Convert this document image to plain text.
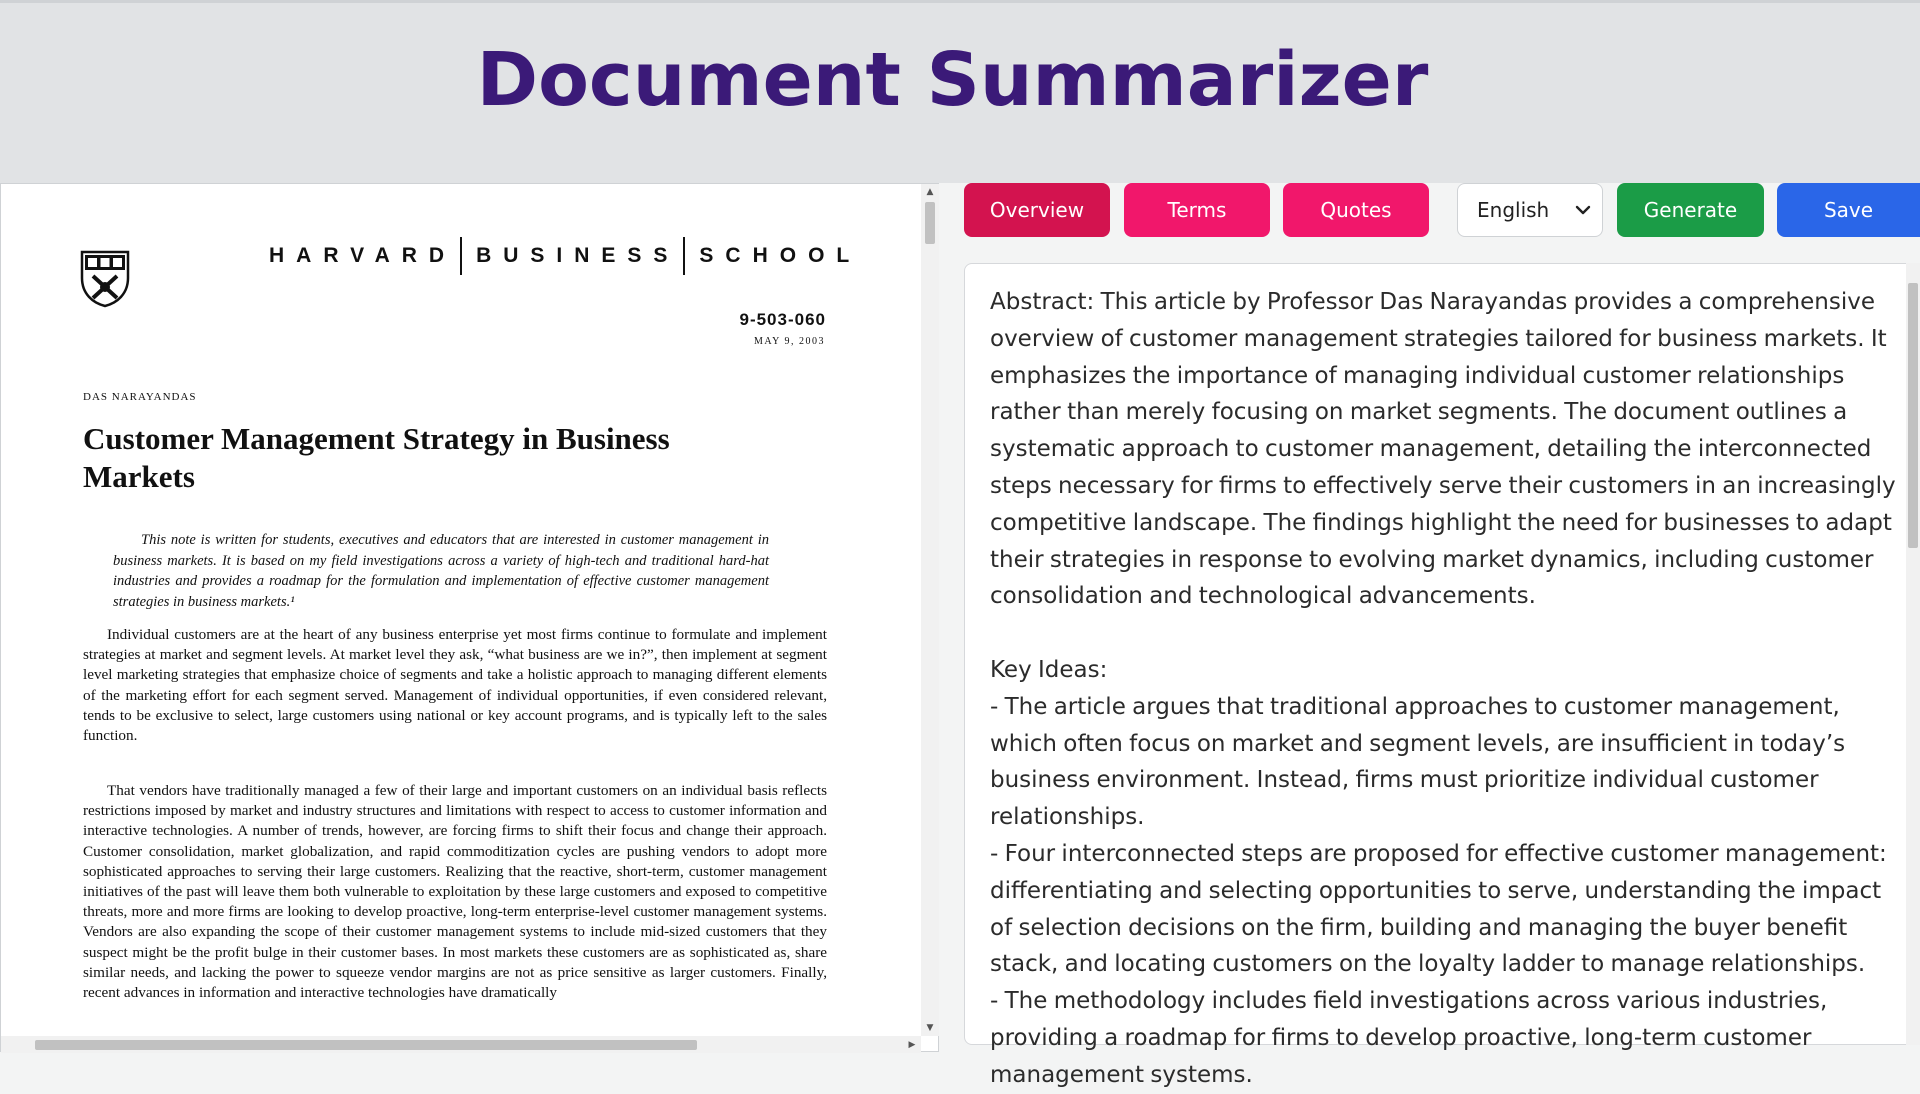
Document Summarizer
HARVARD BUSINESS SCHOOL
9-503-060
MAY 9, 2003
DAS NARAYANDAS
Customer Management Strategy in Business Markets
This note is written for students, executives and educators that are interested in customer management in business markets. It is based on my field investigations across a variety of high-tech and traditional hard-hat industries and provides a roadmap for the formulation and implementation of effective customer management strategies in business markets.¹
Individual customers are at the heart of any business enterprise yet most firms continue to formulate and implement strategies at market and segment levels. At market level they ask, “what business are we in?”, then implement at segment level marketing strategies that emphasize choice of segments and take a holistic approach to managing different elements of the marketing effort for each segment served. Management of individual opportunities, if even considered relevant, tends to be exclusive to select, large customers using national or key account programs, and is typically left to the sales function.
That vendors have traditionally managed a few of their large and important customers on an individual basis reflects restrictions imposed by market and industry structures and limitations with respect to access to customer information and interactive technologies. A number of trends, however, are forcing firms to shift their focus and change their approach. Customer consolidation, market globalization, and rapid commoditization cycles are pushing vendors to adopt more sophisticated approaches to serving their large customers. Realizing that the reactive, short-term, customer management initiatives of the past will leave them both vulnerable to exploitation by these large customers and exposed to competitive threats, more and more firms are looking to develop proactive, long-term enterprise-level customer management systems. Vendors are also expanding the scope of their customer management systems to include mid-sized customers that they suspect might be the profit bulge in their customer bases. In most markets these customers are as sophisticated as, share similar needs, and lacking the power to squeeze vendor margins are not as price sensitive as larger customers. Finally, recent advances in information and interactive technologies have dramatically
▲
▼
▶
Overview	Terms	Quotes	English	Generate	Save
Abstract: This article by Professor Das Narayandas provides a comprehensive overview of customer management strategies tailored for business markets. It emphasizes the importance of managing individual customer relationships rather than merely focusing on market segments. The document outlines a systematic approach to customer management, detailing the interconnected steps necessary for firms to effectively serve their customers in an increasingly competitive landscape. The findings highlight the need for businesses to adapt their strategies in response to evolving market dynamics, including customer consolidation and technological advancements.

Key Ideas:
- The article argues that traditional approaches to customer management, which often focus on market and segment levels, are insufficient in today’s business environment. Instead, firms must prioritize individual customer relationships.
- Four interconnected steps are proposed for effective customer management: differentiating and selecting opportunities to serve, understanding the impact of selection decisions on the firm, building and managing the buyer benefit stack, and locating customers on the loyalty ladder to manage relationships.
- The methodology includes field investigations across various industries, providing a roadmap for firms to develop proactive, long-term customer management systems.
